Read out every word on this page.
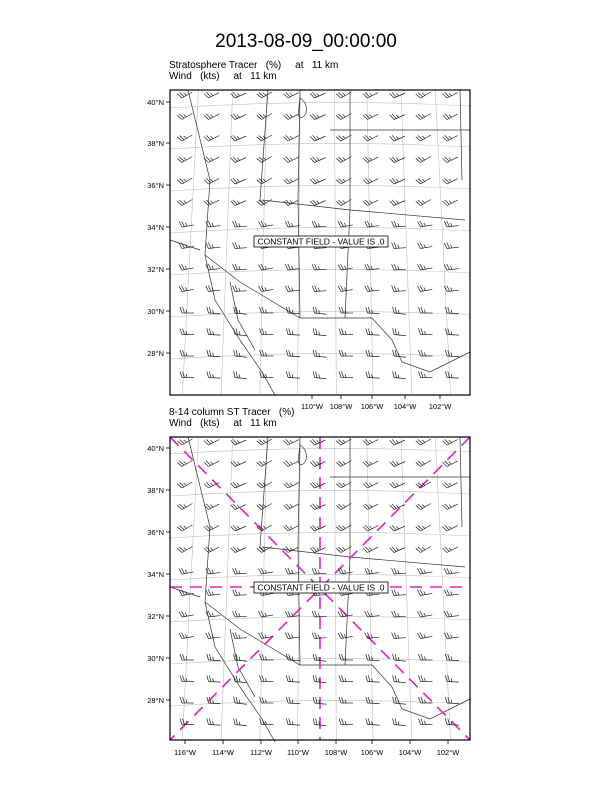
2013-08-09_00:00:00
Stratosphere Tracer   (%)     at   11 km
Wind   (kts)     at   11 km
8-14 column ST Tracer   (%)
Wind   (kts)     at   11 km
40°N
38°N
36°N
34°N
32°N
30°N
28°N
110°W 108°W 106°W 104°W 102°W
CONSTANT FIELD - VALUE IS .0
40°N
38°N
36°N
34°N
32°N
30°N
28°N
116°W 114°W 112°W 110°W 108°W 106°W 104°W 102°W
CONSTANT FIELD - VALUE IS .0
